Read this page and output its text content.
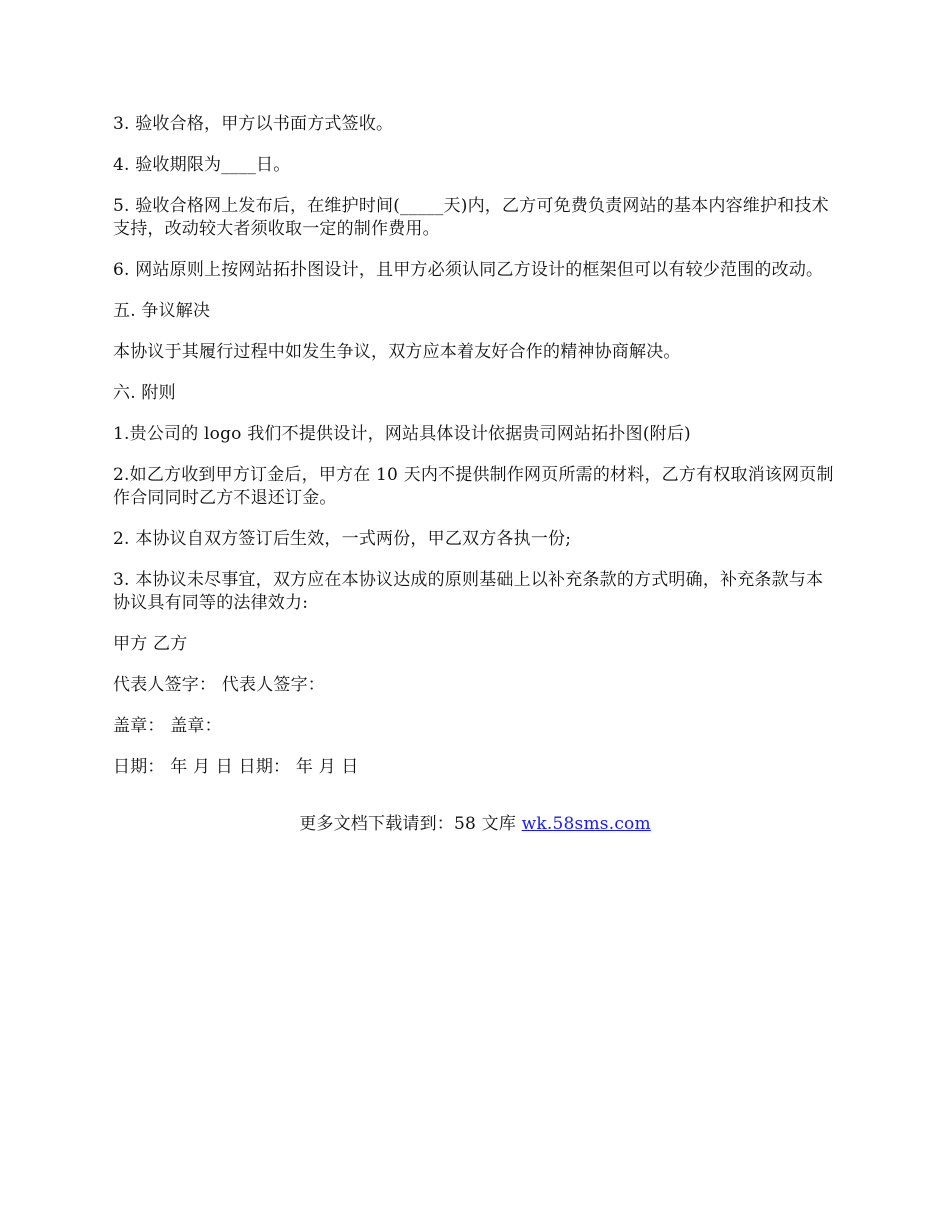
3. 验收合格，甲方以书面方式签收。

4. 验收期限为____日。

5. 验收合格网上发布后，在维护时间(_____天)内，乙方可免费负责网站的基本内容维护和技术支持，改动较大者须收取一定的制作费用。

6. 网站原则上按网站拓扑图设计，且甲方必须认同乙方设计的框架但可以有较少范围的改动。

五. 争议解决

本协议于其履行过程中如发生争议，双方应本着友好合作的精神协商解决。

六. 附则

1.贵公司的 logo 我们不提供设计，网站具体设计依据贵司网站拓扑图(附后)

2.如乙方收到甲方订金后，甲方在 10 天内不提供制作网页所需的材料，乙方有权取消该网页制作合同同时乙方不退还订金。

2. 本协议自双方签订后生效，一式两份，甲乙双方各执一份;

3. 本协议未尽事宜，双方应在本协议达成的原则基础上以补充条款的方式明确，补充条款与本协议具有同等的法律效力:

甲方 乙方

代表人签字： 代表人签字：

盖章： 盖章：

日期： 年 月 日 日期： 年 月 日

更多文档下载请到：58 文库 wk.58sms.com
